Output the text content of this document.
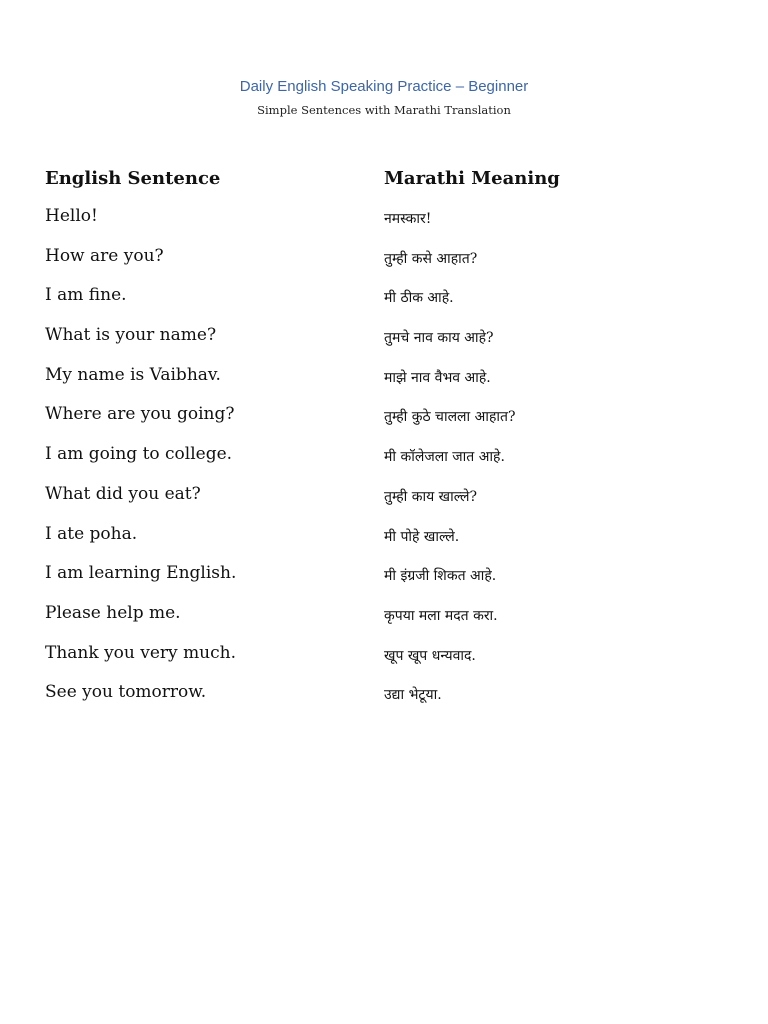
Daily English Speaking Practice – Beginner

Simple Sentences with Marathi Translation

English Sentence	Marathi Meaning
Hello!	नमस्कार!
How are you?	तुम्ही कसे आहात?
I am fine.	मी ठीक आहे.
What is your name?	तुमचे नाव काय आहे?
My name is Vaibhav.	माझे नाव वैभव आहे.
Where are you going?	तुम्ही कुठे चालला आहात?
I am going to college.	मी कॉलेजला जात आहे.
What did you eat?	तुम्ही काय खाल्ले?
I ate poha.	मी पोहे खाल्ले.
I am learning English.	मी इंग्रजी शिकत आहे.
Please help me.	कृपया मला मदत करा.
Thank you very much.	खूप खूप धन्यवाद.
See you tomorrow.	उद्या भेटूया.
